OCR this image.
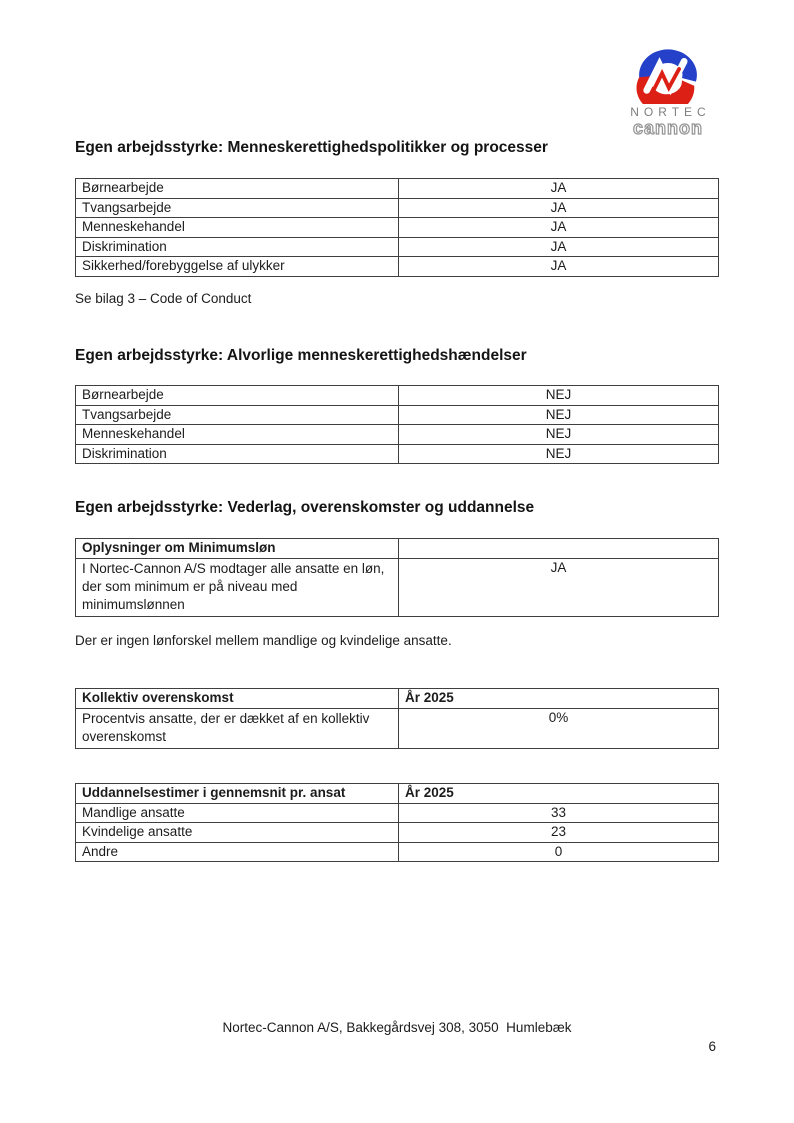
NORTEC
cannon
Egen arbejdsstyrke: Menneskerettighedspolitikker og processer
Børnearbejde	JA
Tvangsarbejde	JA
Menneskehandel	JA
Diskrimination	JA
Sikkerhed/forebyggelse af ulykker	JA
Se bilag 3 – Code of Conduct
Egen arbejdsstyrke: Alvorlige menneskerettighedshændelser
Børnearbejde	NEJ
Tvangsarbejde	NEJ
Menneskehandel	NEJ
Diskrimination	NEJ
Egen arbejdsstyrke: Vederlag, overenskomster og uddannelse
Oplysninger om Minimumsløn	
I Nortec-Cannon A/S modtager alle ansatte en løn, der som minimum er på niveau med minimumslønnen	JA
Der er ingen lønforskel mellem mandlige og kvindelige ansatte.
Kollektiv overenskomst	År 2025
Procentvis ansatte, der er dækket af en kollektiv overenskomst	0%
Uddannelsestimer i gennemsnit pr. ansat	År 2025
Mandlige ansatte	33
Kvindelige ansatte	23
Andre	0
Nortec-Cannon A/S, Bakkegårdsvej 308, 3050  Humlebæk
6
